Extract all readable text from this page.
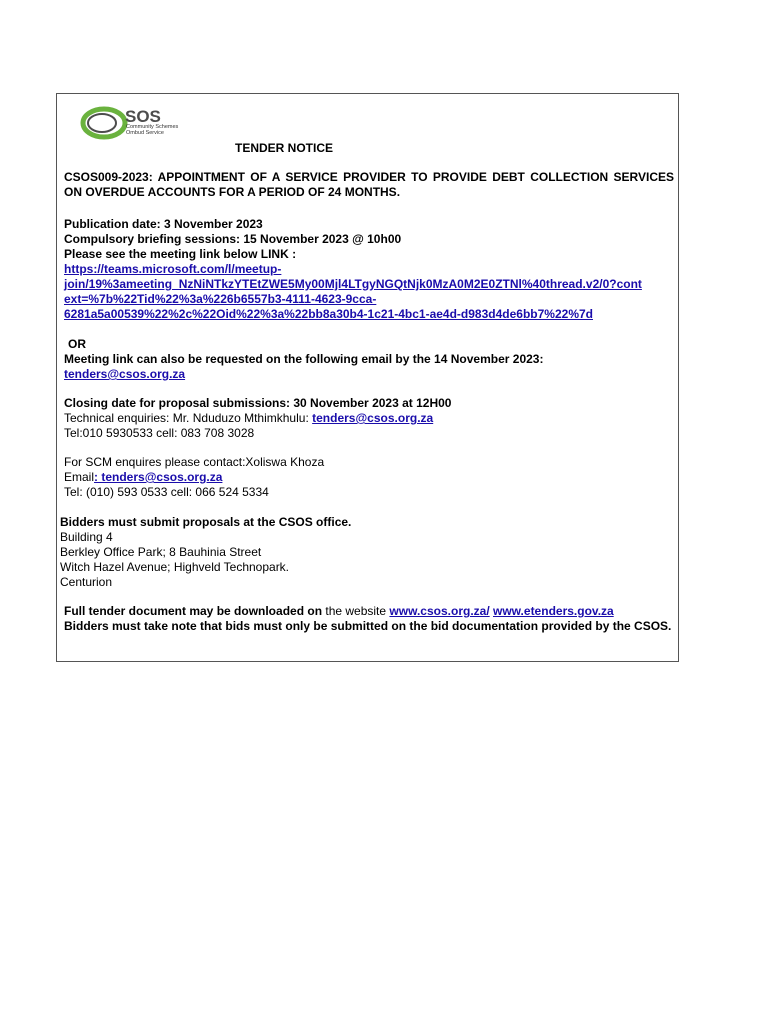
SOS
Community Schemes
Ombud Service
TENDER NOTICE
CSOS009-2023: APPOINTMENT OF A SERVICE PROVIDER TO PROVIDE DEBT COLLECTION SERVICES ON OVERDUE ACCOUNTS FOR A PERIOD OF 24 MONTHS.
Publication date: 3 November 2023
Compulsory briefing sessions: 15 November 2023 @ 10h00
Please see the meeting link below LINK :
https://teams.microsoft.com/l/meetup-
join/19%3ameeting_NzNiNTkzYTEtZWE5My00Mjl4LTgyNGQtNjk0MzA0M2E0ZTNl%40thread.v2/0?cont
ext=%7b%22Tid%22%3a%226b6557b3-4111-4623-9cca-
6281a5a00539%22%2c%22Oid%22%3a%22bb8a30b4-1c21-4bc1-ae4d-d983d4de6bb7%22%7d
OR
Meeting link can also be requested on the following email by the 14 November 2023:
tenders@csos.org.za
Closing date for proposal submissions: 30 November 2023 at 12H00
Technical enquiries: Mr. Nduduzo Mthimkhulu: tenders@csos.org.za
Tel:010 5930533 cell: 083 708 3028
For SCM enquires please contact:Xoliswa Khoza
Email: tenders@csos.org.za
Tel: (010) 593 0533 cell: 066 524 5334
Bidders must submit proposals at the CSOS office.
Building 4
Berkley Office Park; 8 Bauhinia Street
Witch Hazel Avenue; Highveld Technopark.
Centurion
Full tender document may be downloaded on the website www.csos.org.za/ www.etenders.gov.za
Bidders must take note that bids must only be submitted on the bid documentation provided by the CSOS.
